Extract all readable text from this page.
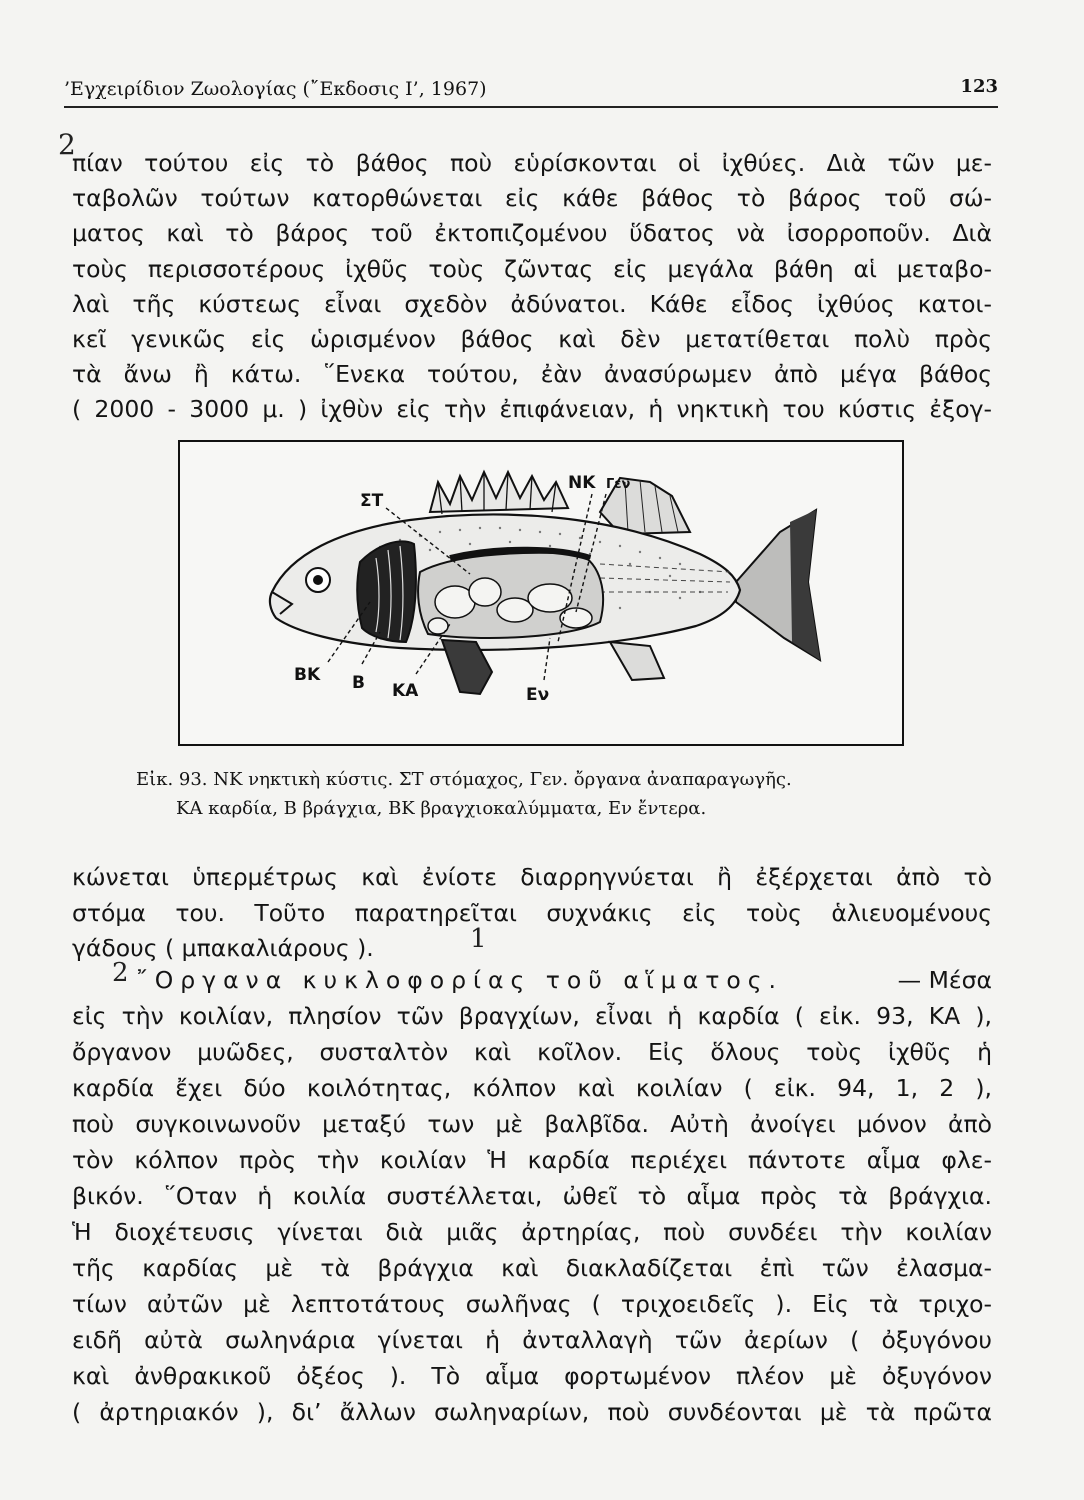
’Εγχειρίδιον Ζωολογίας (῎Εκδοσις Ι’, 1967)	123
2
πίαν τούτου εἰς τὸ βάθος ποὺ εὑρίσκονται οἱ ἰχθύες. Διὰ τῶν με-
ταβολῶν τούτων κατορθώνεται εἰς κάθε βάθος τὸ βάρος τοῦ σώ-
ματος καὶ τὸ βάρος τοῦ ἐκτοπιζομένου ὕδατος νὰ ἰσορροποῦν. Διὰ
τοὺς περισσοτέρους ἰχθῦς τοὺς ζῶντας εἰς μεγάλα βάθη αἱ μεταβο-
λαὶ τῆς κύστεως εἶναι σχεδὸν ἀδύνατοι. Κάθε εἶδος ἰχθύος κατοι-
κεῖ γενικῶς εἰς ὡρισμένον βάθος καὶ δὲν μετατίθεται πολὺ πρὸς
τὰ ἄνω ἢ κάτω. ῞Ενεκα τούτου, ἐὰν ἀνασύρωμεν ἀπὸ μέγα βάθος
( 2000 - 3000 μ. ) ἰχθὺν εἰς τὴν ἐπιφάνειαν, ἡ νηκτικὴ του κύστις ἐξογ-
ΝΚ Γεν
ΣΤ
ΒΚ Β ΚΑ	Εν
Εἰκ. 93. ΝΚ νηκτικὴ κύστις. ΣΤ στόμαχος, Γεν. ὄργανα ἀναπαραγωγῆς.
ΚΑ καρδία, Β βράγχια, ΒΚ βραγχιοκαλύμματα, Εν ἔντερα.
κώνεται ὑπερμέτρως καὶ ἐνίοτε διαρρηγνύεται ἢ ἐξέρχεται ἀπὸ τὸ
στόμα του. Τοῦτο παρατηρεῖται συχνάκις εἰς τοὺς ἁλιευομένους
γάδους ( μπακαλιάρους ).	1
2 ῎Οργανα κυκλοφορίας τοῦ αἵματος.	— Μέσα
εἰς τὴν κοιλίαν, πλησίον τῶν βραγχίων, εἶναι ἡ καρδία ( εἰκ. 93, ΚΑ ),
ὄργανον μυῶδες, συσταλτὸν καὶ κοῖλον. Εἰς ὅλους τοὺς ἰχθῦς ἡ
καρδία ἔχει δύο κοιλότητας, κόλπον καὶ κοιλίαν ( εἰκ. 94, 1, 2 ),
ποὺ συγκοινωνοῦν μεταξύ των μὲ βαλβῖδα. Αὐτὴ ἀνοίγει μόνον ἀπὸ
τὸν κόλπον πρὸς τὴν κοιλίαν Ἡ καρδία περιέχει πάντοτε αἷμα φλε-
βικόν. ῞Οταν ἡ κοιλία συστέλλεται, ὠθεῖ τὸ αἷμα πρὸς τὰ βράγχια.
Ἡ διοχέτευσις γίνεται διὰ μιᾶς ἀρτηρίας, ποὺ συνδέει τὴν κοιλίαν
τῆς καρδίας μὲ τὰ βράγχια καὶ διακλαδίζεται ἐπὶ τῶν ἐλασμα-
τίων αὐτῶν μὲ λεπτοτάτους σωλῆνας ( τριχοειδεῖς ). Εἰς τὰ τριχο-
ειδῆ αὐτὰ σωληνάρια γίνεται ἡ ἀνταλλαγὴ τῶν ἀερίων ( ὀξυγόνου
καὶ ἀνθρακικοῦ ὀξέος ). Τὸ αἷμα φορτωμένον πλέον μὲ ὀξυγόνον
( ἀρτηριακόν ), δι’ ἄλλων σωληναρίων, ποὺ συνδέονται μὲ τὰ πρῶτα
